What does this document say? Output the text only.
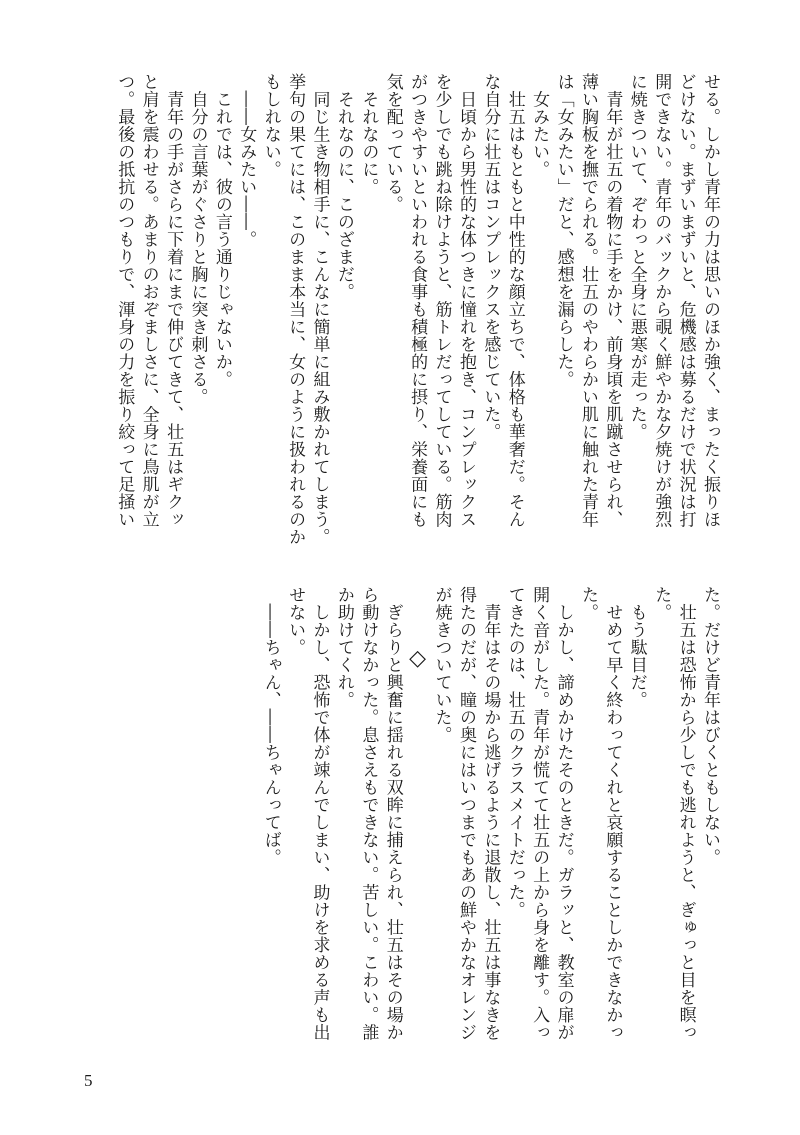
せる。しかし青年の力は思いのほか強く、まったく振りほ
どけない。まずいまずいと、危機感は募るだけで状況は打
開できない。青年のバックから覗く鮮やかな夕焼けが強烈
に焼きついて、ぞわっと全身に悪寒が走った。
　青年が壮五の着物に手をかけ、前身頃を肌蹴させられ、
薄い胸板を撫でられる。壮五のやわらかい肌に触れた青年
は「女みたい」だと、感想を漏らした。
　女みたい。
　壮五はもともと中性的な顔立ちで、体格も華奢だ。そん
な自分に壮五はコンプレックスを感じていた。
　日頃から男性的な体つきに憧れを抱き、コンプレックス
を少しでも跳ね除けようと、筋トレだってしている。筋肉
がつきやすいといわれる食事も積極的に摂り、栄養面にも
気を配っている。
　それなのに。
　それなのに、このざまだ。
　同じ生き物相手に、こんなに簡単に組み敷かれてしまう。
挙句の果てには、このまま本当に、女のように扱われるのか
もしれない。
　――女みたい――。
　これでは、彼の言う通りじゃないか。
　自分の言葉がぐさりと胸に突き刺さる。
　青年の手がさらに下着にまで伸びてきて、壮五はギクッ
と肩を震わせる。あまりのおぞましさに、全身に鳥肌が立
つ。最後の抵抗のつもりで、渾身の力を振り絞って足掻い
た。だけど青年はびくともしない。
　壮五は恐怖から少しでも逃れようと、ぎゅっと目を瞑っ
た。
　もう駄目だ。
　せめて早く終わってくれと哀願することしかできなかっ
た。
　しかし、諦めかけたそのときだ。ガラッと、教室の扉が
開く音がした。青年が慌てて壮五の上から身を離す。入っ
てきたのは、壮五のクラスメイトだった。
　青年はその場から逃げるように退散し、壮五は事なきを
得たのだが、瞳の奥にはいつまでもあの鮮やかなオレンジ
が焼きついていた。
◇
　ぎらりと興奮に揺れる双眸に捕えられ、壮五はその場か
ら動けなかった。息さえもできない。苦しい。こわい。誰
か助けてくれ。
　しかし、恐怖で体が竦んでしまい、助けを求める声も出
せない。
　――ちゃん、――ちゃんってば。
5
